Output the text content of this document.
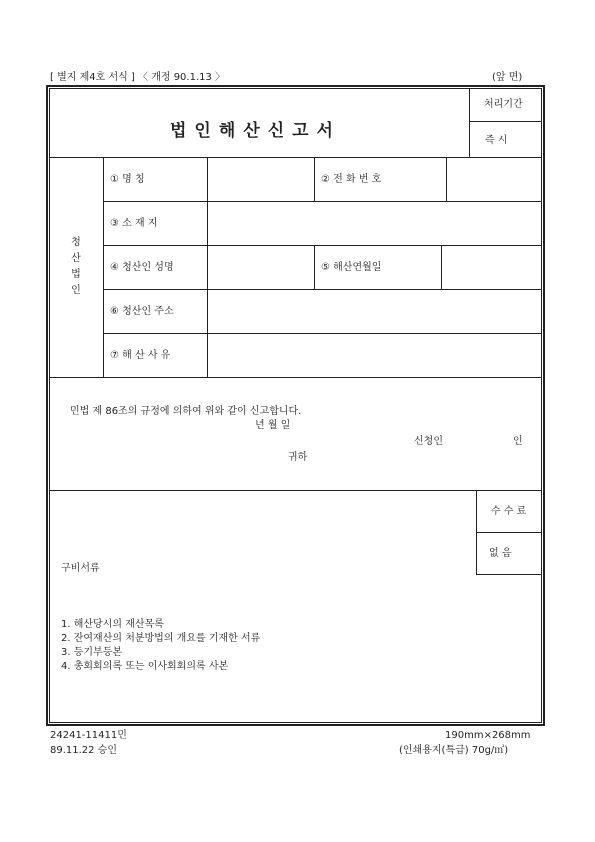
[ 별지 제4호 서식 ] 〈 개정 90.1.13 〉	(앞 면)
법인해산신고서
처리기간
즉 시
청
산
법
인
① 명 칭	② 전 화 번 호
③ 소 재 지
④ 청산인 성명	⑤ 해산연월일
⑥ 청산인 주소
⑦ 해 산 사 유
민법 제 86조의 규정에 의하여 위와 같이 신고합니다.
년 월 일
신청인	인
귀하
수 수 료
없 음
구비서류
1. 해산당시의 재산목록
2. 잔여재산의 처분방법의 개요를 기재한 서류
3. 등기부등본
4. 총회회의록 또는 이사회회의록 사본
24241-11411민
89.11.22 승인
190mm×268mm
(인쇄용지(특급) 70g/㎡)
